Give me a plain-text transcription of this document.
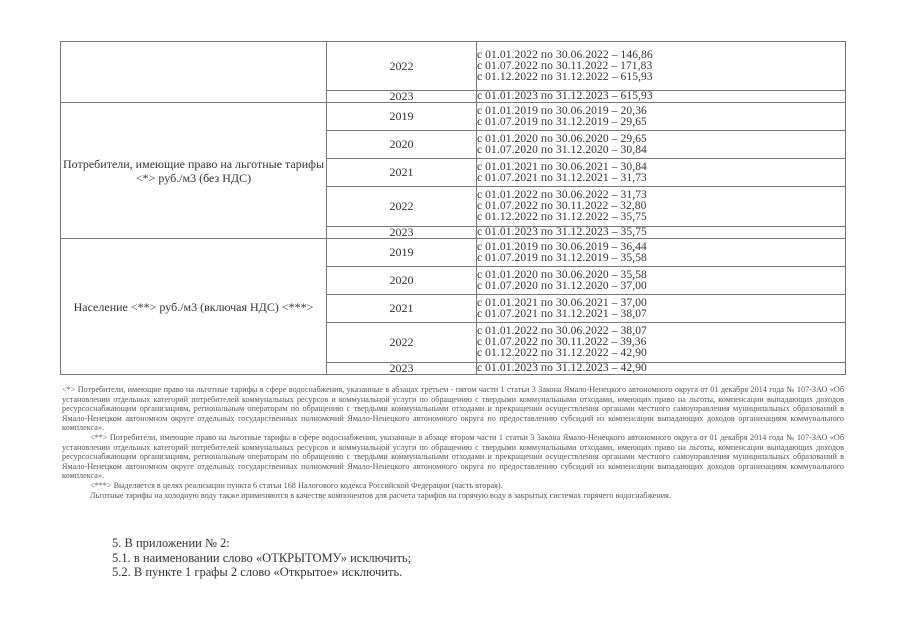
	2022	с 01.01.2022 по 30.06.2022 – 146,86
с 01.07.2022 по 30.11.2022 – 171,83
с 01.12.2022 по 31.12.2022 – 615,93

	2023	с 01.01.2023 по 31.12.2023 – 615,93

Потребители, имеющие право на льготные тарифы <*> руб./м3 (без НДС)	2019	с 01.01.2019 по 30.06.2019 – 20,36
с 01.07.2019 по 31.12.2019 – 29,65

	2020	с 01.01.2020 по 30.06.2020 – 29,65
с 01.07.2020 по 31.12.2020 – 30,84

	2021	с 01.01.2021 по 30.06.2021 – 30,84
с 01.07.2021 по 31.12.2021 – 31,73

	2022	с 01.01.2022 по 30.06.2022 – 31,73
с 01.07.2022 по 30.11.2022 – 32,80
с 01.12.2022 по 31.12.2022 – 35,75

	2023	с 01.01.2023 по 31.12.2023 – 35,75

Население <**> руб./м3 (включая НДС) <***>	2019	с 01.01.2019 по 30.06.2019 – 36,44
с 01.07.2019 по 31.12.2019 – 35,58

	2020	с 01.01.2020 по 30.06.2020 – 35,58
с 01.07.2020 по 31.12.2020 – 37,00

	2021	с 01.01.2021 по 30.06.2021 – 37,00
с 01.07.2021 по 31.12.2021 – 38,07

	2022	с 01.01.2022 по 30.06.2022 – 38,07
с 01.07.2022 по 30.11.2022 – 39,36
с 01.12.2022 по 31.12.2022 – 42,90

	2023	с 01.01.2023 по 31.12.2023 – 42,90

<*> Потребители, имеющие право на льготные тарифы в сфере водоснабжения, указанные в абзацах третьем - пятом части 1 статьи 3 Закона Ямало-Ненецкого автономного округа от 01 декабря 2014 года № 107-ЗАО «Об установлении отдельных категорий потребителей коммунальных ресурсов и коммунальной услуги по обращению с твердыми коммунальными отходами, имеющих право на льготы, компенсации выпадающих доходов ресурсоснабжающим организациям, региональным операторам по обращению с твердыми коммунальными отходами и прекращении осуществления органами местного самоуправления муниципальных образований в Ямало-Ненецком автономном округе отдельных государственных полномочий Ямало-Ненецкого автономного округа по предоставлению субсидий из компенсации выпадающих доходов организациям коммунального комплекса».

<**> Потребители, имеющие право на льготные тарифы в сфере водоснабжения, указанные в абзаце втором части 1 статьи 3 Закона Ямало-Ненецкого автономного округа от 01 декабря 2014 года № 107-ЗАО «Об установлении отдельных категорий потребителей коммунальных ресурсов и коммунальной услуги по обращению с твердыми коммунальными отходами, имеющих право на льготы, компенсации выпадающих доходов ресурсоснабжающим организациям, региональным операторам по обращению с твердыми коммунальными отходами и прекращении осуществления органами местного самоуправления муниципальных образований в Ямало-Ненецком автономном округе отдельных государственных полномочий Ямало-Ненецкого автономного округа по предоставлению субсидий из компенсации выпадающих доходов организациям коммунального комплекса».

<***> Выделяется в целях реализации пункта 6 статьи 168 Налогового кодекса Российской Федерации (часть вторая).

Льготные тарифы на холодную воду также применяются в качестве компонентов для расчета тарифов на горячую воду в закрытых системах горячего водоснабжения.

5. В приложении № 2:

5.1. в наименовании слово «ОТКРЫТОМУ» исключить;

5.2. В пункте 1 графы 2 слово «Открытое» исключить.
